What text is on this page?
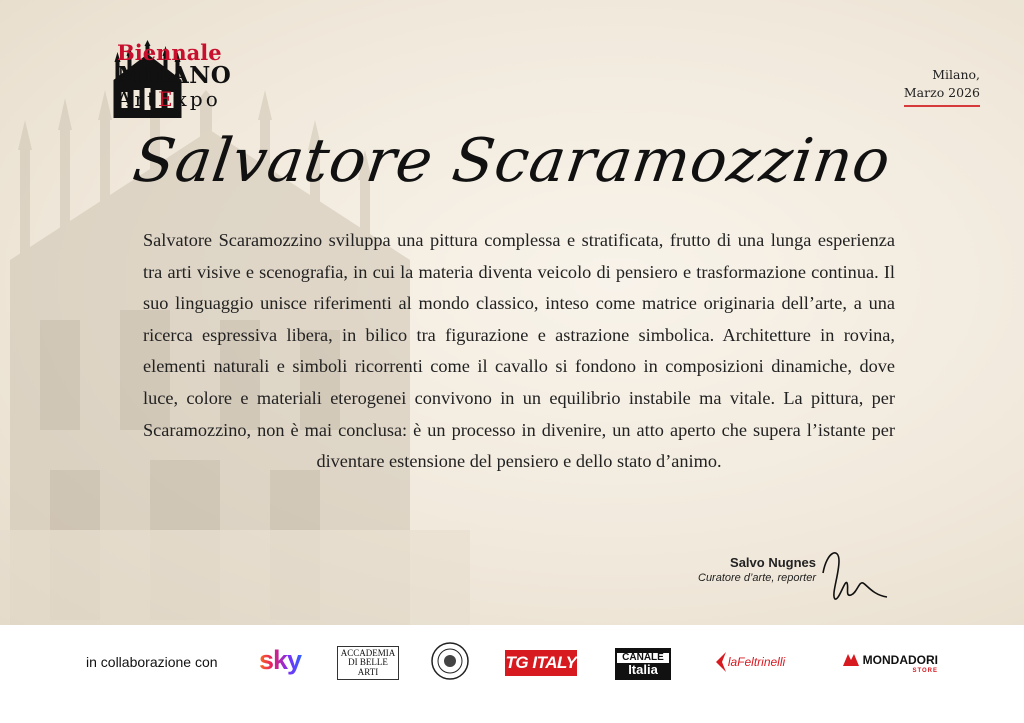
Biennale
MILANO
ArtExpo
Milano,
Marzo 2026
Salvatore Scaramozzino
Salvatore Scaramozzino sviluppa una pittura complessa e stratificata, frutto di una lunga esperienza tra arti visive e scenografia, in cui la materia diventa veicolo di pensiero e trasformazione continua. Il suo linguaggio unisce riferimenti al mondo classico, inteso come matrice originaria dell’arte, a una ricerca espressiva libera, in bilico tra figurazione e astrazione simbolica. Architetture in rovina, elementi naturali e simboli ricorrenti come il cavallo si fondono in composizioni dinamiche, dove luce, colore e materiali eterogenei convivono in un equilibrio instabile ma vitale. La pittura, per Scaramozzino, non è mai conclusa: è un processo in divenire, un atto aperto che supera l’istante per diventare estensione del pensiero e dello stato d’animo.
Salvo Nugnes
Curatore d’arte, reporter
in collaborazione con sky	ACCADEMIA
DI BELLE ARTI	TG ITALY	CANALE
Italia	laFeltrinelli	MONDADORI
STORE
